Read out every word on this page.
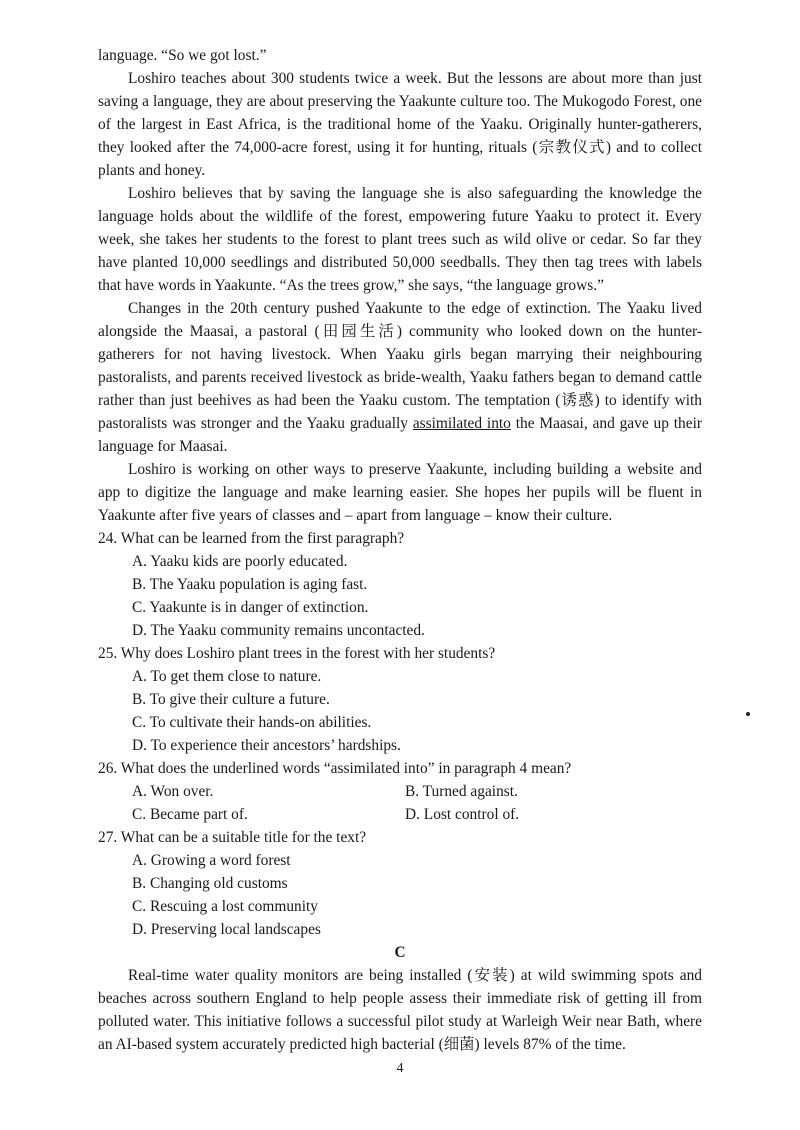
language. “So we got lost.”

Loshiro teaches about 300 students twice a week. But the lessons are about more than just saving a language, they are about preserving the Yaakunte culture too. The Mukogodo Forest, one of the largest in East Africa, is the traditional home of the Yaaku. Originally hunter-gatherers, they looked after the 74,000-acre forest, using it for hunting, rituals (宗教仪式) and to collect plants and honey.

Loshiro believes that by saving the language she is also safeguarding the knowledge the language holds about the wildlife of the forest, empowering future Yaaku to protect it. Every week, she takes her students to the forest to plant trees such as wild olive or cedar. So far they have planted 10,000 seedlings and distributed 50,000 seedballs. They then tag trees with labels that have words in Yaakunte. “As the trees grow,” she says, “the language grows.”

Changes in the 20th century pushed Yaakunte to the edge of extinction. The Yaaku lived alongside the Maasai, a pastoral (田园生活) community who looked down on the hunter-gatherers for not having livestock. When Yaaku girls began marrying their neighbouring pastoralists, and parents received livestock as bride-wealth, Yaaku fathers began to demand cattle rather than just beehives as had been the Yaaku custom. The temptation (诱惑) to identify with pastoralists was stronger and the Yaaku gradually assimilated into the Maasai, and gave up their language for Maasai.

Loshiro is working on other ways to preserve Yaakunte, including building a website and app to digitize the language and make learning easier. She hopes her pupils will be fluent in Yaakunte after five years of classes and – apart from language – know their culture.

24. What can be learned from the first paragraph?

A. Yaaku kids are poorly educated.

B. The Yaaku population is aging fast.

C. Yaakunte is in danger of extinction.

D. The Yaaku community remains uncontacted.

25. Why does Loshiro plant trees in the forest with her students?

A. To get them close to nature.

B. To give their culture a future.

C. To cultivate their hands-on abilities.

D. To experience their ancestors’ hardships.

26. What does the underlined words “assimilated into” in paragraph 4 mean?

A. Won over.	B. Turned against.
C. Became part of.	D. Lost control of.

27. What can be a suitable title for the text?

A. Growing a word forest

B. Changing old customs

C. Rescuing a lost community

D. Preserving local landscapes

C

Real-time water quality monitors are being installed (安装) at wild swimming spots and beaches across southern England to help people assess their immediate risk of getting ill from polluted water. This initiative follows a successful pilot study at Warleigh Weir near Bath, where an AI-based system accurately predicted high bacterial (细菌) levels 87% of the time.

4
